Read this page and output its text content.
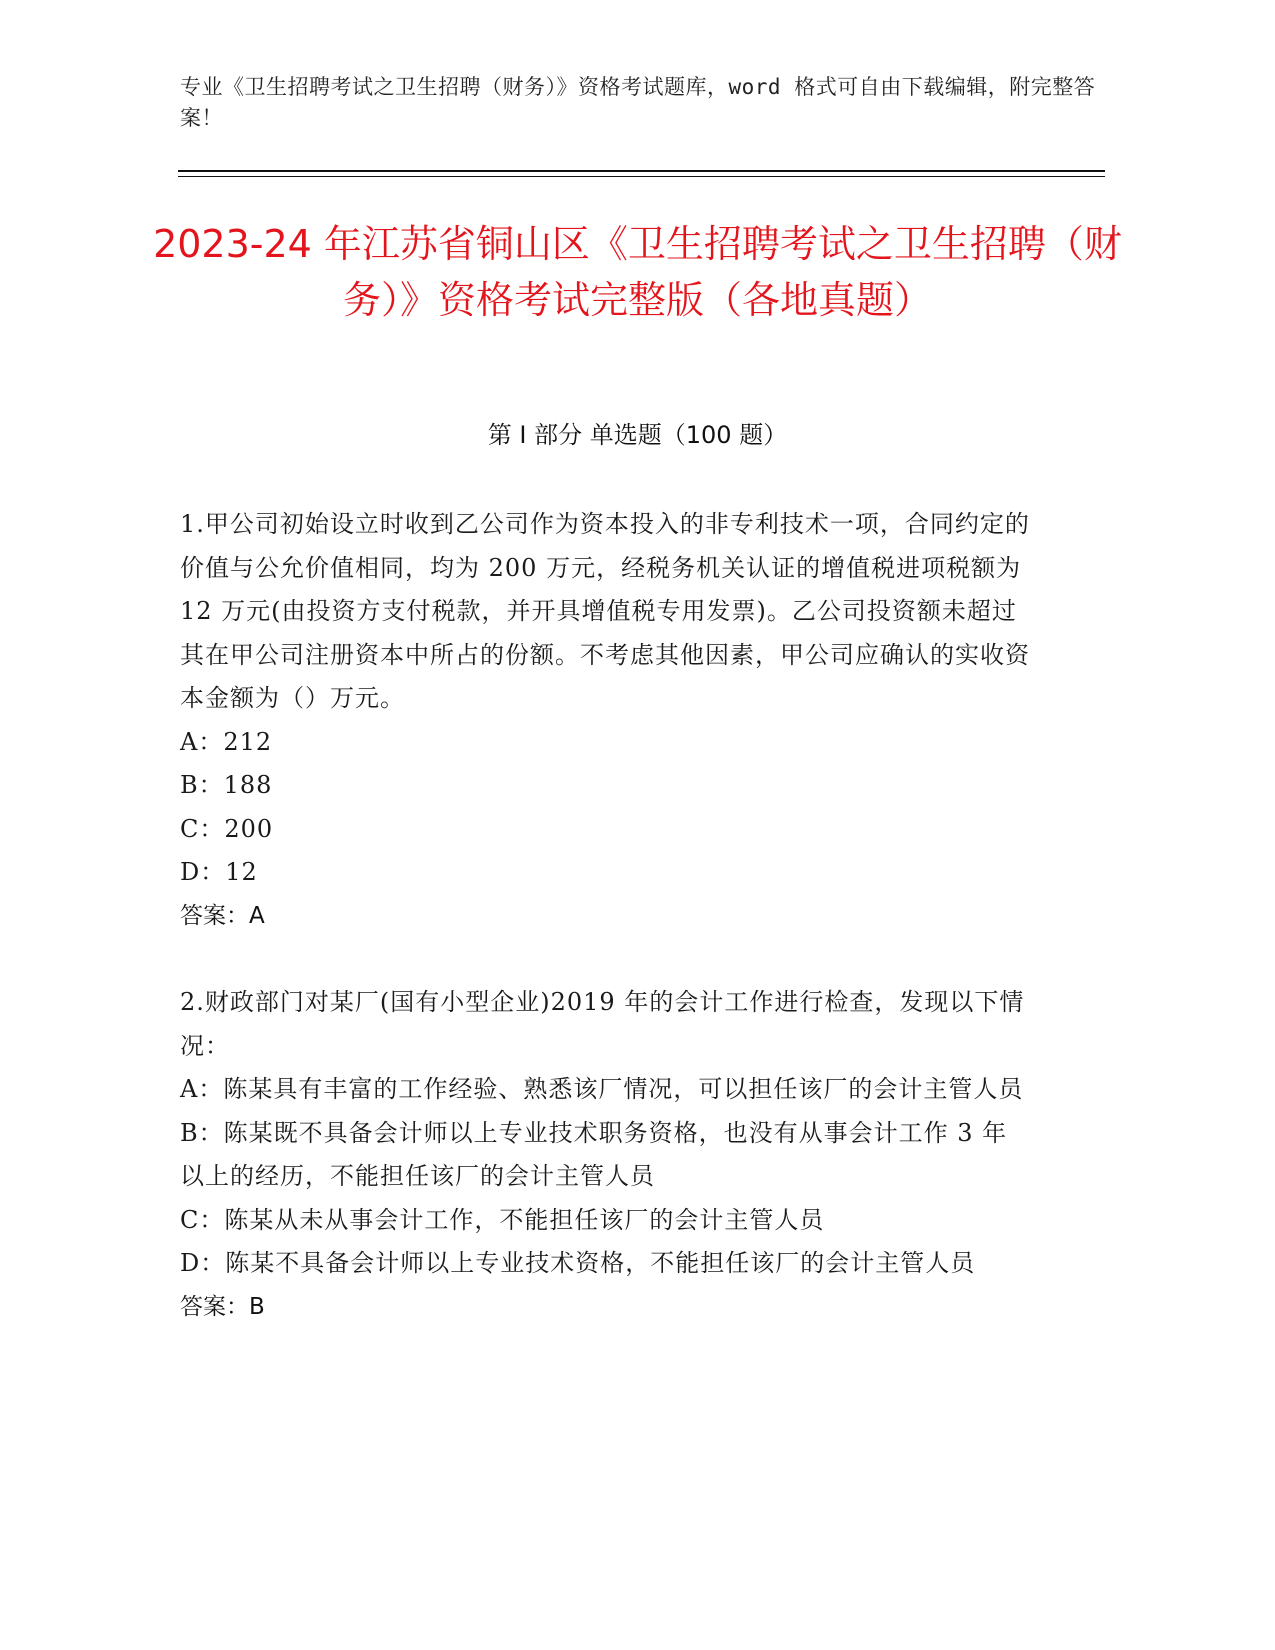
专业《卫生招聘考试之卫生招聘（财务）》资格考试题库，word 格式可自由下载编辑，附完整答案！
2023-24 年江苏省铜山区《卫生招聘考试之卫生招聘（财务）》资格考试完整版（各地真题）
第 I 部分 单选题（100 题）

1.甲公司初始设立时收到乙公司作为资本投入的非专利技术一项，合同约定的价值与公允价值相同，均为 200 万元，经税务机关认证的增值税进项税额为 12 万元(由投资方支付税款，并开具增值税专用发票)。乙公司投资额未超过其在甲公司注册资本中所占的份额。不考虑其他因素，甲公司应确认的实收资本金额为（）万元。

A：212

B：188

C：200

D：12

答案：A

2.财政部门对某厂(国有小型企业)2019 年的会计工作进行检查，发现以下情况：

A：陈某具有丰富的工作经验、熟悉该厂情况，可以担任该厂的会计主管人员

B：陈某既不具备会计师以上专业技术职务资格，也没有从事会计工作 3 年以上的经历，不能担任该厂的会计主管人员

C：陈某从未从事会计工作，不能担任该厂的会计主管人员

D：陈某不具备会计师以上专业技术资格，不能担任该厂的会计主管人员

答案：B
